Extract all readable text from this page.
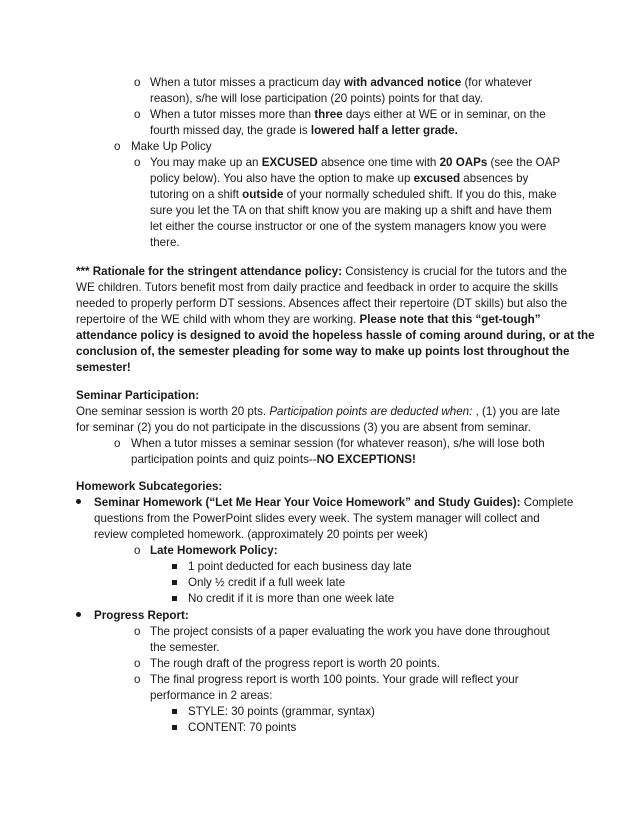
o When a tutor misses a practicum day with advanced notice (for whatever
reason), s/he will lose participation (20 points) points for that day.
o When a tutor misses more than three days either at WE or in seminar, on the
fourth missed day, the grade is lowered half a letter grade.
o Make Up Policy
o You may make up an EXCUSED absence one time with 20 OAPs (see the OAP
policy below). You also have the option to make up excused absences by
tutoring on a shift outside of your normally scheduled shift. If you do this, make
sure you let the TA on that shift know you are making up a shift and have them
let either the course instructor or one of the system managers know you were
there.
*** Rationale for the stringent attendance policy: Consistency is crucial for the tutors and the
WE children. Tutors benefit most from daily practice and feedback in order to acquire the skills
needed to properly perform DT sessions. Absences affect their repertoire (DT skills) but also the
repertoire of the WE child with whom they are working. Please note that this “get-tough”
attendance policy is designed to avoid the hopeless hassle of coming around during, or at the
conclusion of, the semester pleading for some way to make up points lost throughout the
semester!
Seminar Participation:
One seminar session is worth 20 pts. Participation points are deducted when: , (1) you are late
for seminar (2) you do not participate in the discussions (3) you are absent from seminar.
o When a tutor misses a seminar session (for whatever reason), s/he will lose both
participation points and quiz points--NO EXCEPTIONS!
Homework Subcategories:
Seminar Homework (“Let Me Hear Your Voice Homework” and Study Guides): Complete
questions from the PowerPoint slides every week. The system manager will collect and
review completed homework. (approximately 20 points per week)
o Late Homework Policy:
1 point deducted for each business day late
Only ½ credit if a full week late
No credit if it is more than one week late
Progress Report:
o The project consists of a paper evaluating the work you have done throughout
the semester.
o The rough draft of the progress report is worth 20 points.
o The final progress report is worth 100 points. Your grade will reflect your
performance in 2 areas:
STYLE: 30 points (grammar, syntax)
CONTENT: 70 points
